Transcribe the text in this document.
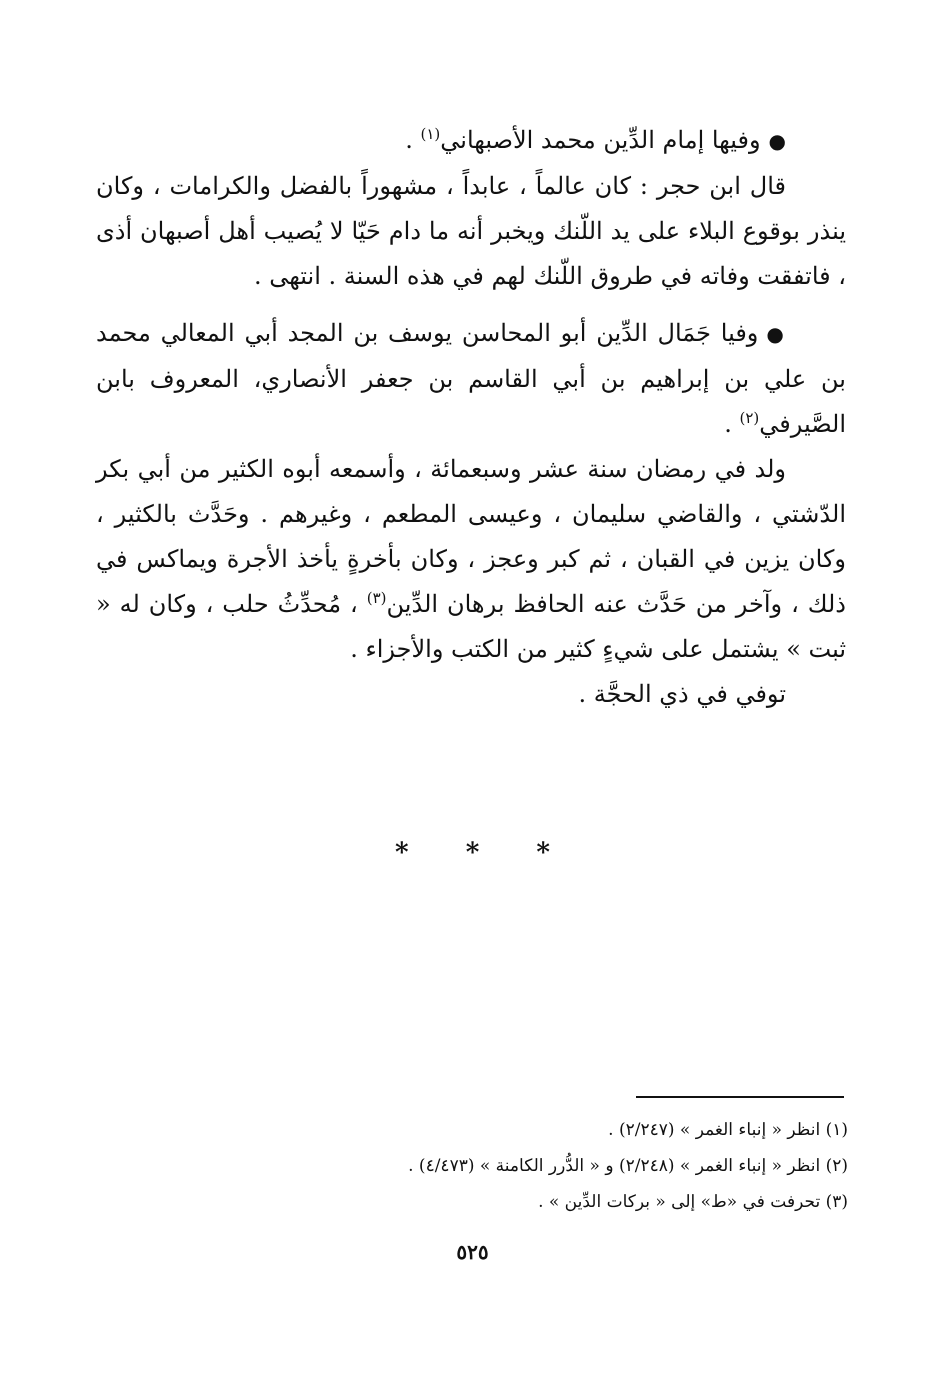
●وفيها إمام الدِّين محمد الأصبهاني$^{(١)}$ .

قال ابن حجر : كان عالماً ، عابداً ، مشهوراً بالفضل والكرامات ، وكان ينذر بوقوع البلاء على يد اللّنك ويخبر أنه ما دام حَيّا لا يُصيب أهل أصبهان أذى ، فاتفقت وفاته في طروق اللّنك لهم في هذه السنة . انتهى .

●وفيا جَمَال الدِّين أبو المحاسن يوسف بن المجد أبي المعالي محمد بن علي بن إبراهيم بن أبي القاسم بن جعفر الأنصاري، المعروف بابن الصَّيرفي$^{(٢)}$ .

ولد في رمضان سنة عشر وسبعمائة ، وأسمعه أبوه الكثير من أبي بكر الدّشتي ، والقاضي سليمان ، وعيسى المطعم ، وغيرهم . وحَدَّث بالكثير ، وكان يزين في القبان ، ثم كبر وعجز ، وكان بأخرةٍ يأخذ الأجرة ويماكس في ذلك ، وآخر من حَدَّث عنه الحافظ برهان الدِّين$^{(٣)}$ ، مُحدِّثُ حلب ، وكان له « ثبت » يشتمل على شيءٍ كثير من الكتب والأجزاء .

توفي في ذي الحجَّة .

* * *

(١) انظر « إنباء الغمر » (٢/٢٤٧) .

(٢) انظر « إنباء الغمر » (٢/٢٤٨) و « الدُّرر الكامنة » (٤/٤٧٣) .

(٣) تحرفت في «ط» إلى « بركات الدِّين » .

٥٢٥
